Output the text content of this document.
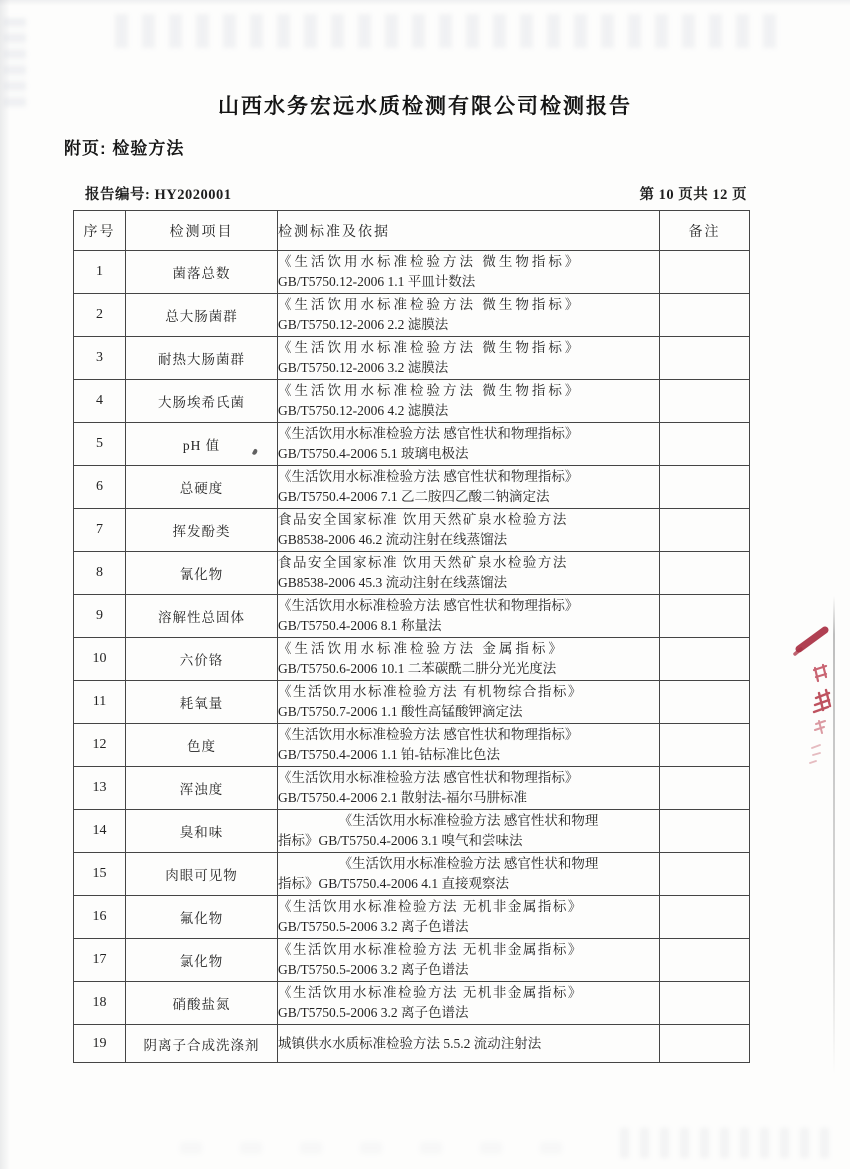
山西水务宏远水质检测有限公司检测报告
附页: 检验方法
报告编号: HY2020001	第 10 页共 12 页
序号	检测项目	检测标准及依据	备注
1	菌落总数	《生活饮用水标准检验方法 微生物指标》
GB/T5750.12-2006 1.1 平皿计数法	

2	总大肠菌群	《生活饮用水标准检验方法 微生物指标》
GB/T5750.12-2006 2.2 滤膜法	

3	耐热大肠菌群	《生活饮用水标准检验方法 微生物指标》
GB/T5750.12-2006 3.2 滤膜法	

4	大肠埃希氏菌	《生活饮用水标准检验方法 微生物指标》
GB/T5750.12-2006 4.2 滤膜法	

5	pH 值	《生活饮用水标准检验方法 感官性状和物理指标》
GB/T5750.4-2006 5.1 玻璃电极法	

6	总硬度	《生活饮用水标准检验方法 感官性状和物理指标》
GB/T5750.4-2006 7.1 乙二胺四乙酸二钠滴定法	

7	挥发酚类	食品安全国家标准 饮用天然矿泉水检验方法
GB8538-2006 46.2 流动注射在线蒸馏法	

8	氰化物	食品安全国家标准 饮用天然矿泉水检验方法
GB8538-2006 45.3 流动注射在线蒸馏法	

9	溶解性总固体	《生活饮用水标准检验方法 感官性状和物理指标》
GB/T5750.4-2006 8.1 称量法	

10	六价铬	《生活饮用水标准检验方法 金属指标》
GB/T5750.6-2006 10.1 二苯碳酰二肼分光光度法	

11	耗氧量	《生活饮用水标准检验方法 有机物综合指标》
GB/T5750.7-2006 1.1 酸性高锰酸钾滴定法	

12	色度	《生活饮用水标准检验方法 感官性状和物理指标》
GB/T5750.4-2006 1.1 铂-钴标准比色法	

13	浑浊度	《生活饮用水标准检验方法 感官性状和物理指标》
GB/T5750.4-2006 2.1 散射法-福尔马肼标准	

14	臭和味	《生活饮用水标准检验方法 感官性状和物理
指标》GB/T5750.4-2006 3.1 嗅气和尝味法	

15	肉眼可见物	《生活饮用水标准检验方法 感官性状和物理
指标》GB/T5750.4-2006 4.1 直接观察法	

16	氟化物	《生活饮用水标准检验方法 无机非金属指标》
GB/T5750.5-2006 3.2 离子色谱法	

17	氯化物	《生活饮用水标准检验方法 无机非金属指标》
GB/T5750.5-2006 3.2 离子色谱法	

18	硝酸盐氮	《生活饮用水标准检验方法 无机非金属指标》
GB/T5750.5-2006 3.2 离子色谱法	

19	阴离子合成洗涤剂	城镇供水水质标准检验方法 5.5.2 流动注射法	
